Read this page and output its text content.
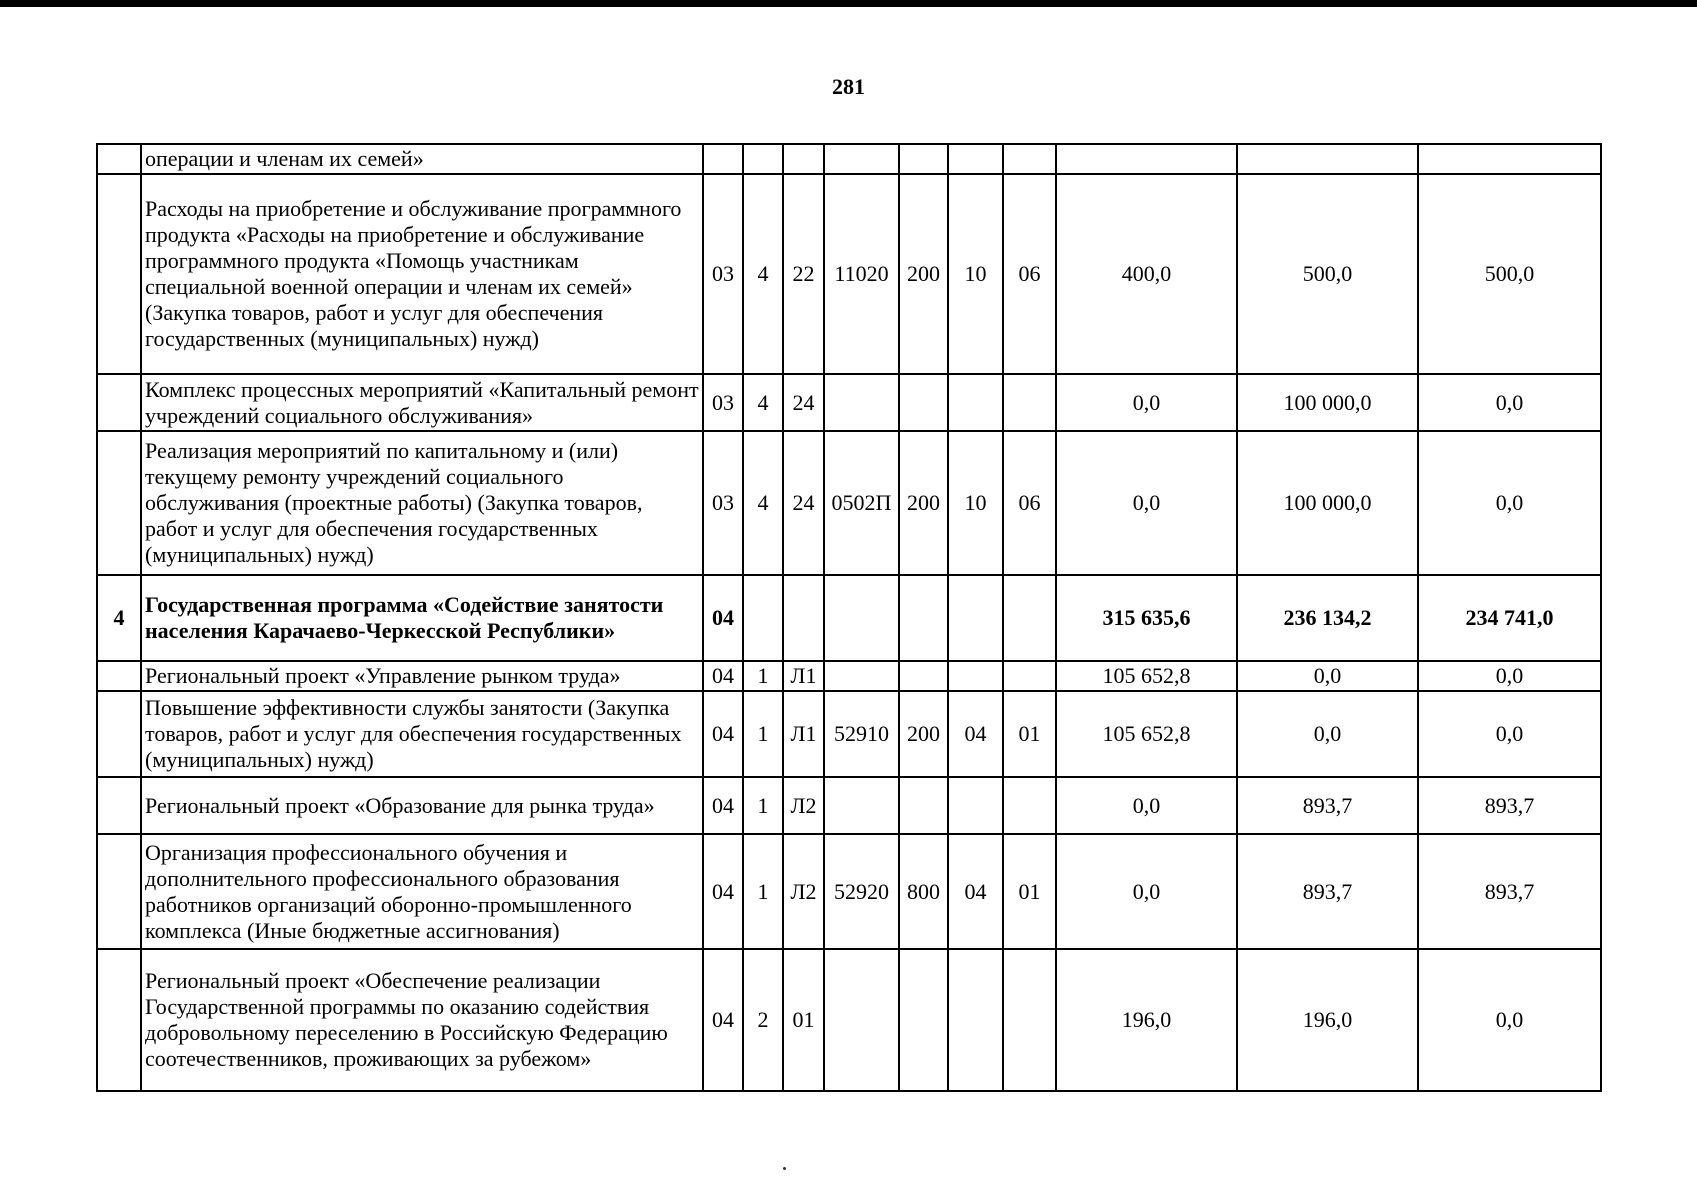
281
	операции и членам их семей»										
	Расходы на приобретение и обслуживание программного продукта «Расходы на приобретение и обслуживание программного продукта «Помощь участникам специальной военной операции и членам их семей» (Закупка товаров, работ и услуг для обеспечения государственных (муниципальных) нужд)	03	4	22	11020	200	10	06	400,0	500,0	500,0
	Комплекс процессных мероприятий «Капитальный ремонт учреждений социального обслуживания»	03	4	24					0,0	100 000,0	0,0
	Реализация мероприятий по капитальному и (или) текущему ремонту учреждений социального обслуживания (проектные работы) (Закупка товаров, работ и услуг для обеспечения государственных (муниципальных) нужд)	03	4	24	0502П	200	10	06	0,0	100 000,0	0,0
4	Государственная программа «Содействие занятости населения Карачаево-Черкесской Республики»	04							315 635,6	236 134,2	234 741,0
	Региональный проект «Управление рынком труда»	04	1	Л1					105 652,8	0,0	0,0
	Повышение эффективности службы занятости (Закупка товаров, работ и услуг для обеспечения государственных (муниципальных) нужд)	04	1	Л1	52910	200	04	01	105 652,8	0,0	0,0
	Региональный проект «Образование для рынка труда»	04	1	Л2					0,0	893,7	893,7
	Организация профессионального обучения и дополнительного профессионального образования работников организаций оборонно-промышленного комплекса (Иные бюджетные ассигнования)	04	1	Л2	52920	800	04	01	0,0	893,7	893,7
	Региональный проект «Обеспечение реализации Государственной программы по оказанию содействия добровольному переселению в Российскую Федерацию соотечественников, проживающих за рубежом»	04	2	01					196,0	196,0	0,0
